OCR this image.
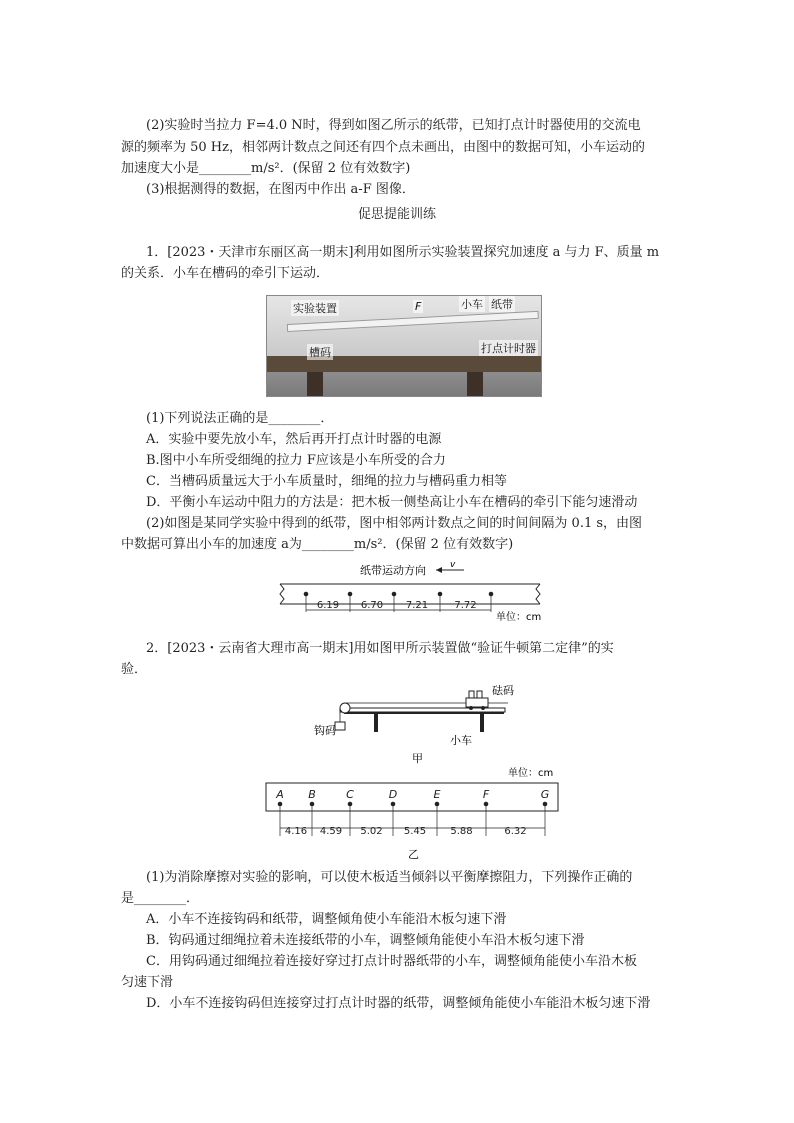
(2)实验时当拉力 F=4.0 N时，得到如图乙所示的纸带，已知打点计时器使用的交流电
源的频率为 50 Hz，相邻两计数点之间还有四个点未画出，由图中的数据可知，小车运动的
加速度大小是________m/s²．(保留 2 位有效数字)
(3)根据测得的数据，在图丙中作出 a-F 图像．
促思提能训练
1．[2023・天津市东丽区高一期末]利用如图所示实验装置探究加速度 a 与力 F、质量 m
的关系．小车在槽码的牵引下运动．
实验装置	F	小车 纸带
槽码	打点计时器
(1)下列说法正确的是________．
A．实验中要先放小车，然后再开打点计时器的电源
B.图中小车所受细绳的拉力 F应该是小车所受的合力
C．当槽码质量远大于小车质量时，细绳的拉力与槽码重力相等
D．平衡小车运动中阻力的方法是：把木板一侧垫高让小车在槽码的牵引下能匀速滑动
(2)如图是某同学实验中得到的纸带，图中相邻两计数点之间的时间间隔为 0.1 s，由图
中数据可算出小车的加速度 a为________m/s²．(保留 2 位有效数字)
纸带运动方向	v
6.19 6.70 7.21	7.72
单位：cm
2．[2023・云南省大理市高一期末]用如图甲所示装置做“验证牛顿第二定律”的实
验．
砝码
钩码
小车
甲
单位：cm
A B	C	D	E	F	G
4.16 4.59 5.02 5.45 5.88	6.32
乙
(1)为消除摩擦对实验的影响，可以使木板适当倾斜以平衡摩擦阻力，下列操作正确的
是________．
A．小车不连接钩码和纸带，调整倾角使小车能沿木板匀速下滑
B．钩码通过细绳拉着未连接纸带的小车，调整倾角能使小车沿木板匀速下滑
C．用钩码通过细绳拉着连接好穿过打点计时器纸带的小车，调整倾角能使小车沿木板
匀速下滑
D．小车不连接钩码但连接穿过打点计时器的纸带，调整倾角能使小车能沿木板匀速下滑
